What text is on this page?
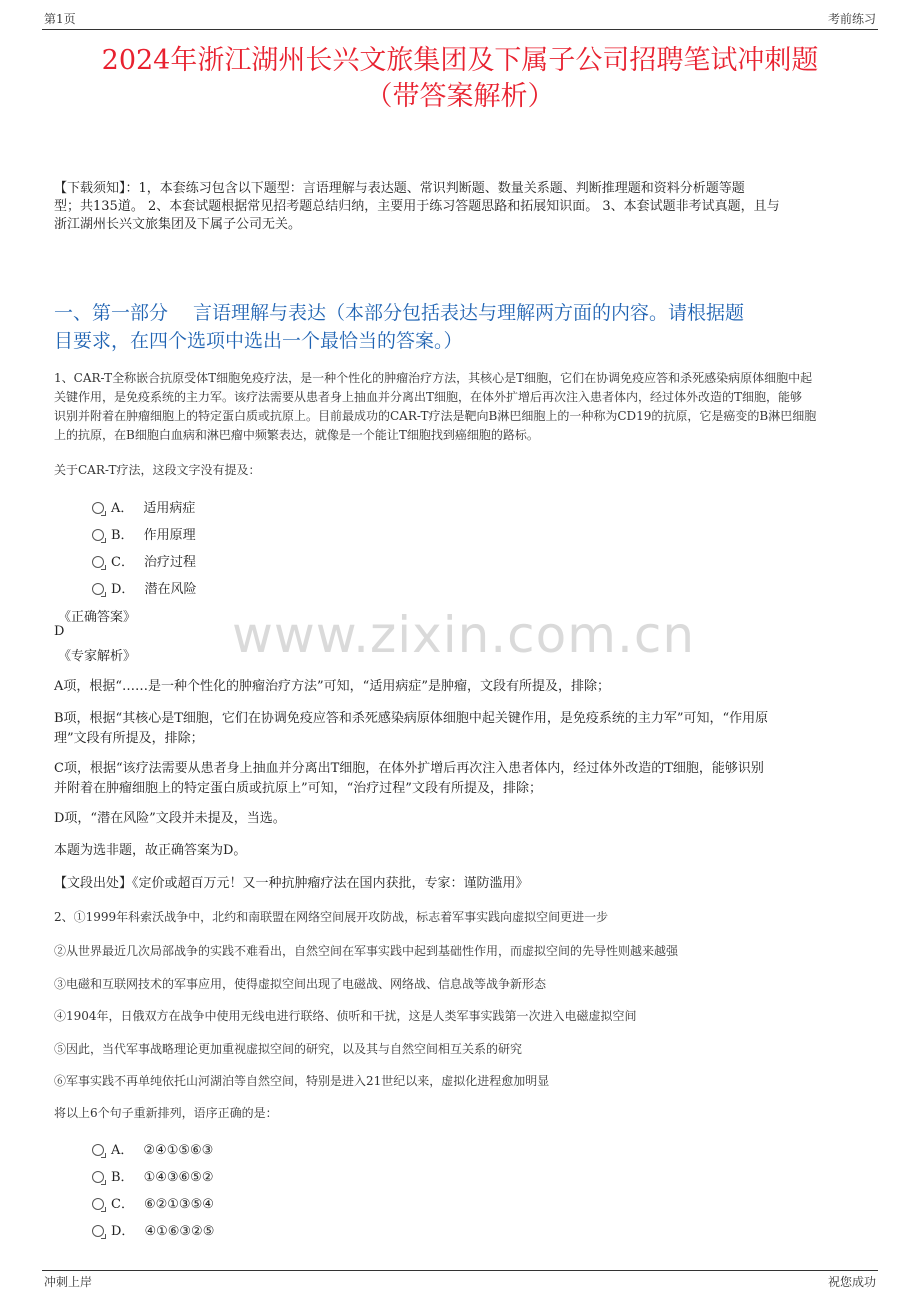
第1页	考前练习
2024年浙江湖州长兴文旅集团及下属子公司招聘笔试冲刺题
（带答案解析）
【下载须知】：1，本套练习包含以下题型：言语理解与表达题、常识判断题、数量关系题、判断推理题和资料分析题等题
型；共135道。 2、本套试题根据常见招考题总结归纳，主要用于练习答题思路和拓展知识面。 3、本套试题非考试真题，且与
浙江湖州长兴文旅集团及下属子公司无关。
一、第一部分　 言语理解与表达（本部分包括表达与理解两方面的内容。请根据题
目要求，在四个选项中选出一个最恰当的答案。）
1、CAR-T全称嵌合抗原受体T细胞免疫疗法，是一种个性化的肿瘤治疗方法，其核心是T细胞，它们在协调免疫应答和杀死感染病原体细胞中起
关键作用，是免疫系统的主力军。该疗法需要从患者身上抽血并分离出T细胞，在体外扩增后再次注入患者体内，经过体外改造的T细胞，能够
识别并附着在肿瘤细胞上的特定蛋白质或抗原上。目前最成功的CAR-T疗法是靶向B淋巴细胞上的一种称为CD19的抗原，它是癌变的B淋巴细胞
上的抗原，在B细胞白血病和淋巴瘤中频繁表达，就像是一个能让T细胞找到癌细胞的路标。
关于CAR-T疗法，这段文字没有提及：
A． 适用病症
B． 作用原理
C． 治疗过程
D． 潜在风险
《正确答案》
D
《专家解析》
A项，根据“……是一种个性化的肿瘤治疗方法”可知，“适用病症”是肿瘤，文段有所提及，排除；
B项，根据“其核心是T细胞，它们在协调免疫应答和杀死感染病原体细胞中起关键作用，是免疫系统的主力军”可知，“作用原
理”文段有所提及，排除；
C项，根据“该疗法需要从患者身上抽血并分离出T细胞，在体外扩增后再次注入患者体内，经过体外改造的T细胞，能够识别
并附着在肿瘤细胞上的特定蛋白质或抗原上”可知，“治疗过程”文段有所提及，排除；
D项，“潜在风险”文段并未提及，当选。
本题为选非题，故正确答案为D。
【文段出处】《定价或超百万元！又一种抗肿瘤疗法在国内获批，专家：谨防滥用》
2、①1999年科索沃战争中，北约和南联盟在网络空间展开攻防战，标志着军事实践向虚拟空间更进一步
②从世界最近几次局部战争的实践不难看出，自然空间在军事实践中起到基础性作用，而虚拟空间的先导性则越来越强
③电磁和互联网技术的军事应用，使得虚拟空间出现了电磁战、网络战、信息战等战争新形态
④1904年，日俄双方在战争中使用无线电进行联络、侦听和干扰，这是人类军事实践第一次进入电磁虚拟空间
⑤因此，当代军事战略理论更加重视虚拟空间的研究，以及其与自然空间相互关系的研究
⑥军事实践不再单纯依托山河湖泊等自然空间，特别是进入21世纪以来，虚拟化进程愈加明显
将以上6个句子重新排列，语序正确的是：
A． ②④①⑤⑥③
B． ①④③⑥⑤②
C． ⑥②①③⑤④
D． ④①⑥③②⑤
www.zixin.com.cn
冲刺上岸	祝您成功
